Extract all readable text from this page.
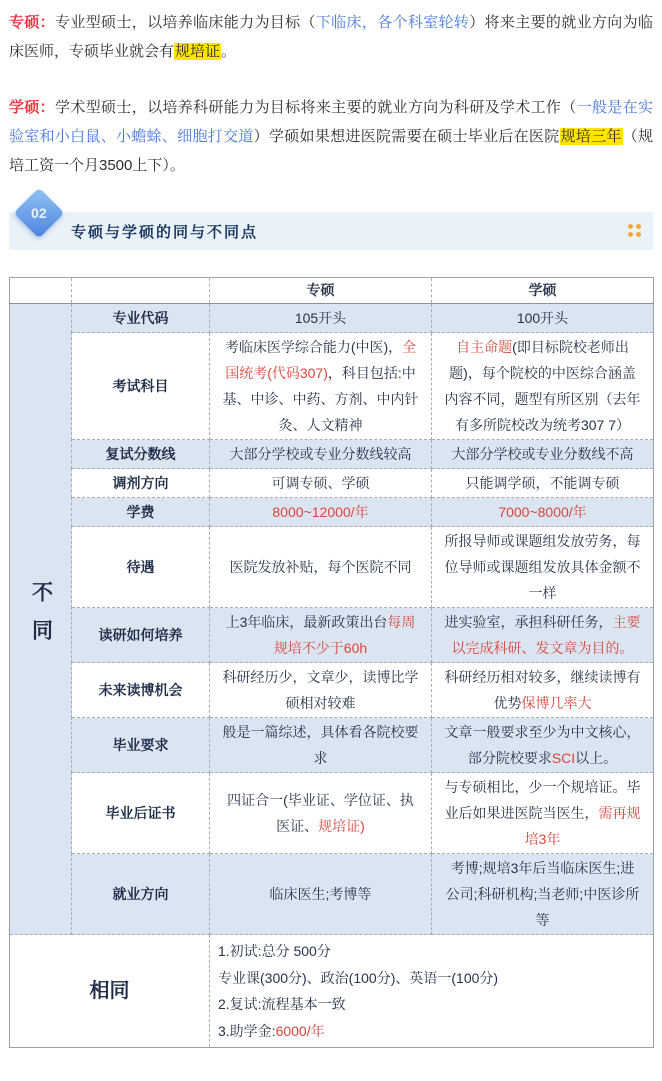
专硕：专业型硕士，以培养临床能力为目标（下临床，各个科室轮转）将来主要的就业方向为临床医师，专硕毕业就会有规培证。

学硕：学术型硕士，以培养科研能力为目标将来主要的就业方向为科研及学术工作（一般是在实验室和小白鼠、小蟾蜍、细胞打交道）学硕如果想进医院需要在硕士毕业后在医院规培三年（规培工资一个月3500上下）。

专硕与学硕的同与不同点
02
		专硕	学硕

不同	专业代码	105开头	100开头
	考试科目	考临床医学综合能力(中医)，全国统考(代码307)，科目包括:中基、中诊、中药、方剂、中内针灸、人文精神	自主命题(即目标院校老师出题)，每个院校的中医综合涵盖内容不同，题型有所区别（去年有多所院校改为统考307 7）
	复试分数线	大部分学校或专业分数线较高	大部分学校或专业分数线不高
	调剂方向	可调专硕、学硕	只能调学硕，不能调专硕
	学费	8000~12000/年	7000~8000/年
	待遇	医院发放补贴，每个医院不同	所报导师或课题组发放劳务，每位导师或课题组发放具体金额不一样
	读研如何培养	上3年临床，最新政策出台每周规培不少于60h	进实验室，承担科研任务，主要以完成科研、发文章为目的。
	未来读博机会	科研经历少，文章少，读博比学硕相对较难	科研经历相对较多，继续读博有优势保博几率大
	毕业要求	般是一篇综述，具体看各院校要求	文章一般要求至少为中文核心，部分院校要求SCI以上。
	毕业后证书	四证合一(毕业证、学位证、执医证、规培证)	与专硕相比，少一个规培证。毕业后如果进医院当医生，需再规培3年
	就业方向	临床医生;考博等	考博;规培3年后当临床医生;进公司;科研机构;当老师;中医诊所等
相同		1.初试:总分 500分
专业课(300分)、政治(100分)、英语一(100分)
2.复试:流程基本一致
3.助学金:6000/年	
